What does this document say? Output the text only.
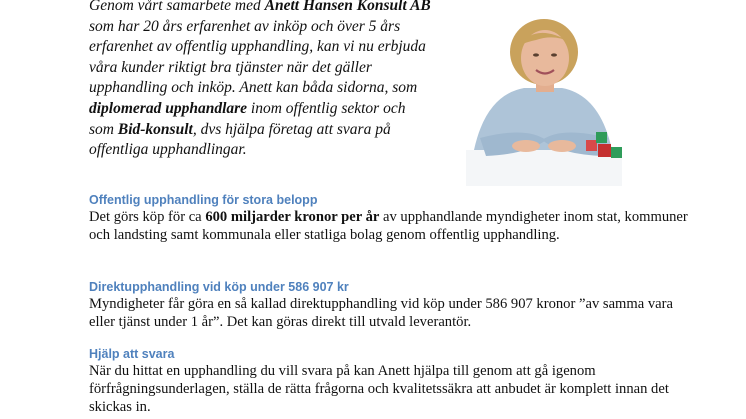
Genom vårt samarbete med Anett Hansen Konsult AB som har 20 års erfarenhet av inköp och över 5 års erfarenhet av offentlig upphandling, kan vi nu erbjuda våra kunder riktigt bra tjänster när det gäller upphandling och inköp. Anett kan båda sidorna, som diplomerad upphandlare inom offentlig sektor och som Bid-konsult, dvs hjälpa företag att svara på offentliga upphandlingar.

Offentlig upphandling för stora belopp

Det görs köp för ca 600 miljarder kronor per år av upphandlande myndigheter inom stat, kommuner och landsting samt kommunala eller statliga bolag genom offentlig upphandling.

Direktupphandling vid köp under 586 907 kr

Myndigheter får göra en så kallad direktupphandling vid köp under 586 907 kronor ”av samma vara eller tjänst under 1 år”. Det kan göras direkt till utvald leverantör.

Hjälp att svara

När du hittat en upphandling du vill svara på kan Anett hjälpa till genom att gå igenom förfrågningsunderlagen, ställa de rätta frågorna och kvalitetssäkra att anbudet är komplett innan det skickas in.
